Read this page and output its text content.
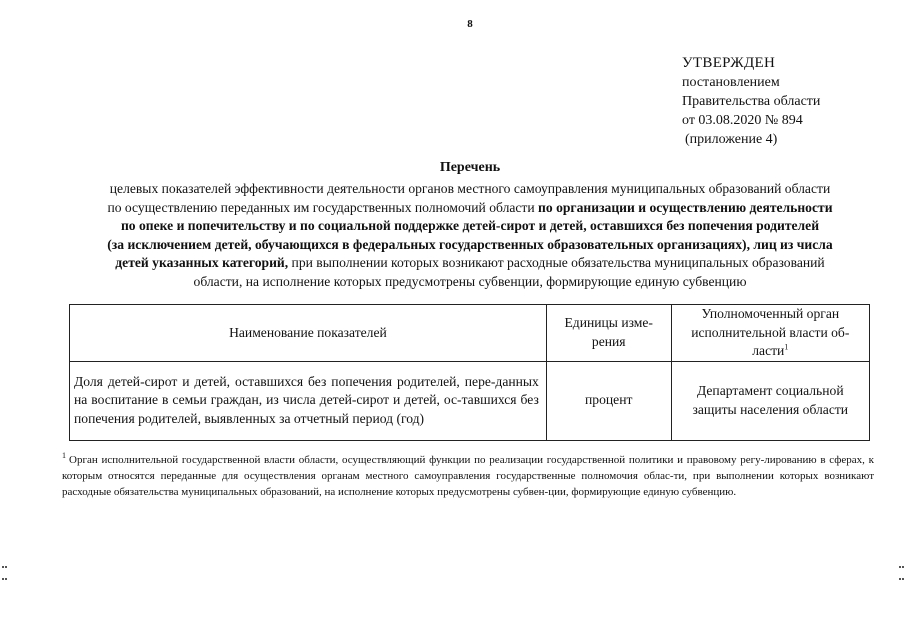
8
УТВЕРЖДЕН
постановлением
Правительства области
от 03.08.2020 № 894
(приложение 4)
Перечень
целевых показателей эффективности деятельности органов местного самоуправления муниципальных образований области
по осуществлению переданных им государственных полномочий области по организации и осуществлению деятельности
по опеке и попечительству и по социальной поддержке детей-сирот и детей, оставшихся без попечения родителей
(за исключением детей, обучающихся в федеральных государственных образовательных организациях), лиц из числа
детей указанных категорий, при выполнении которых возникают расходные обязательства муниципальных образований
области, на исполнение которых предусмотрены субвенции, формирующие единую субвенцию
Наименование показателей	Единицы изме-рения	Уполномоченный орган исполнительной власти об-ласти$^1$
Доля детей-сирот и детей, оставшихся без попечения родителей, пере-данных на воспитание в семьи граждан, из числа детей-сирот и детей, ос-тавшихся без попечения родителей, выявленных за отчетный период (год)	процент	Департамент социальной защиты населения области
$^1$ Орган исполнительной государственной власти области, осуществляющий функции по реализации государственной политики и правовому регу-лированию в сферах, к которым относятся переданные для осуществления органам местного самоуправления государственные полномочия облас-ти, при выполнении которых возникают расходные обязательства муниципальных образований, на исполнение которых предусмотрены субвен-ции, формирующие единую субвенцию.
